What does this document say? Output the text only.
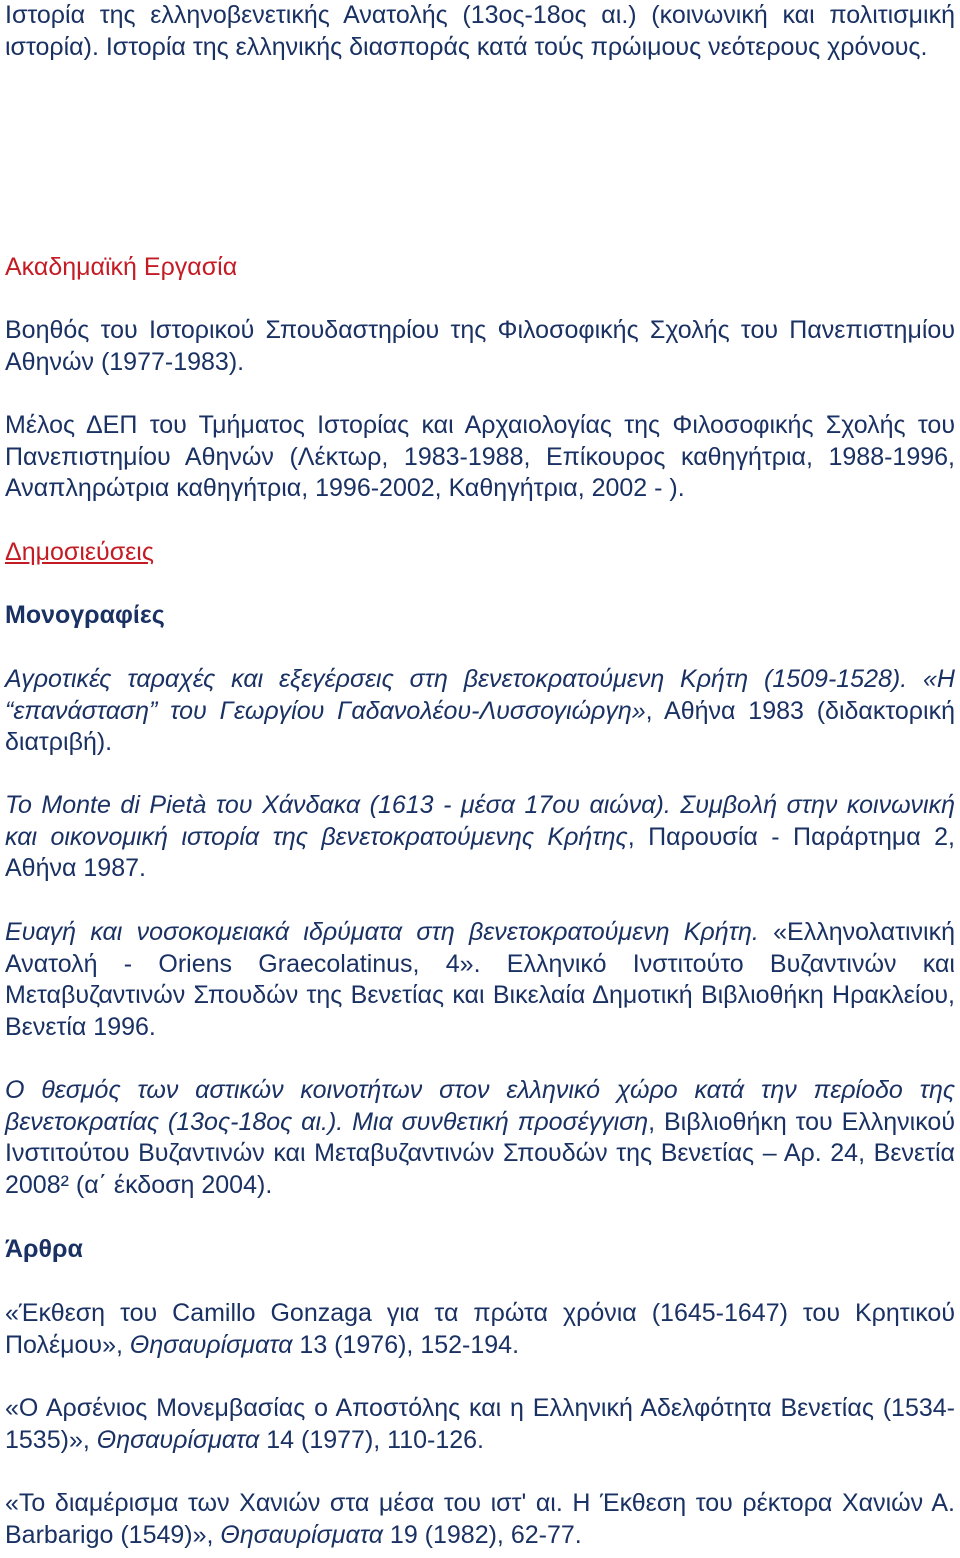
Ιστορία της ελληνοβενετικής Ανατολής (13ος-18ος αι.) (κοινωνική και πολιτισμική ιστορία). Ιστορία της ελληνικής διασποράς κατά τούς πρώιμους νεότερους χρόνους.

Ακαδημαϊκή Εργασία

Βοηθός του Ιστορικού Σπουδαστηρίου της Φιλοσοφικής Σχολής του Πανεπιστημίου Αθηνών (1977-1983).

Μέλος ΔΕΠ του Τμήματος Ιστορίας και Αρχαιολογίας της Φιλοσοφικής Σχολής του Πανεπιστημίου Αθηνών (Λέκτωρ, 1983-1988, Επίκουρος καθηγήτρια, 1988-1996, Αναπληρώτρια καθηγήτρια, 1996-2002, Καθηγήτρια, 2002 - ).

Δημοσιεύσεις

Μονογραφίες

Αγροτικές ταραχές και εξεγέρσεις στη βενετοκρατούμενη Κρήτη (1509-1528). «Η “επανάσταση” του Γεωργίου Γαδανολέου-Λυσσογιώργη», Αθήνα 1983 (διδακτορική διατριβή).

Το Monte di Pietà του Χάνδακα (1613 - μέσα 17ου αιώνα). Συμβολή στην κοινωνική και οικονομική ιστορία της βενετοκρατούμενης Κρήτης, Παρουσία - Παράρτημα 2, Αθήνα 1987.

Ευαγή και νοσοκομειακά ιδρύματα στη βενετοκρατούμενη Κρήτη. «Ελληνολατινική Ανατολή - Oriens Graecolatinus, 4». Ελληνικό Ινστιτούτο Βυζαντινών και Μεταβυζαντινών Σπουδών της Βενετίας και Βικελαία Δημοτική Βιβλιοθήκη Ηρακλείου, Βενετία 1996.

Ο θεσμός των αστικών κοινοτήτων στον ελληνικό χώρο κατά την περίοδο της βενετοκρατίας (13ος-18ος αι.). Μια συνθετική προσέγγιση, Βιβλιοθήκη του Ελληνικού Ινστιτούτου Βυζαντινών και Μεταβυζαντινών Σπουδών της Βενετίας – Αρ. 24, Βενετία 2008² (α΄ έκδοση 2004).

Άρθρα

«Έκθεση του Camillo Gonzaga για τα πρώτα χρόνια (1645-1647) του Κρητικού Πολέμου», Θησαυρίσματα 13 (1976), 152-194.

«Ο Αρσένιος Μονεμβασίας ο Αποστόλης και η Ελληνική Αδελφότητα Βενετίας (1534-1535)», Θησαυρίσματα 14 (1977), 110-126.

«Το διαμέρισμα των Χανιών στα μέσα του ιστ' αι. Η Έκθεση του ρέκτορα Χανιών Α. Barbarigo (1549)», Θησαυρίσματα 19 (1982), 62-77.
